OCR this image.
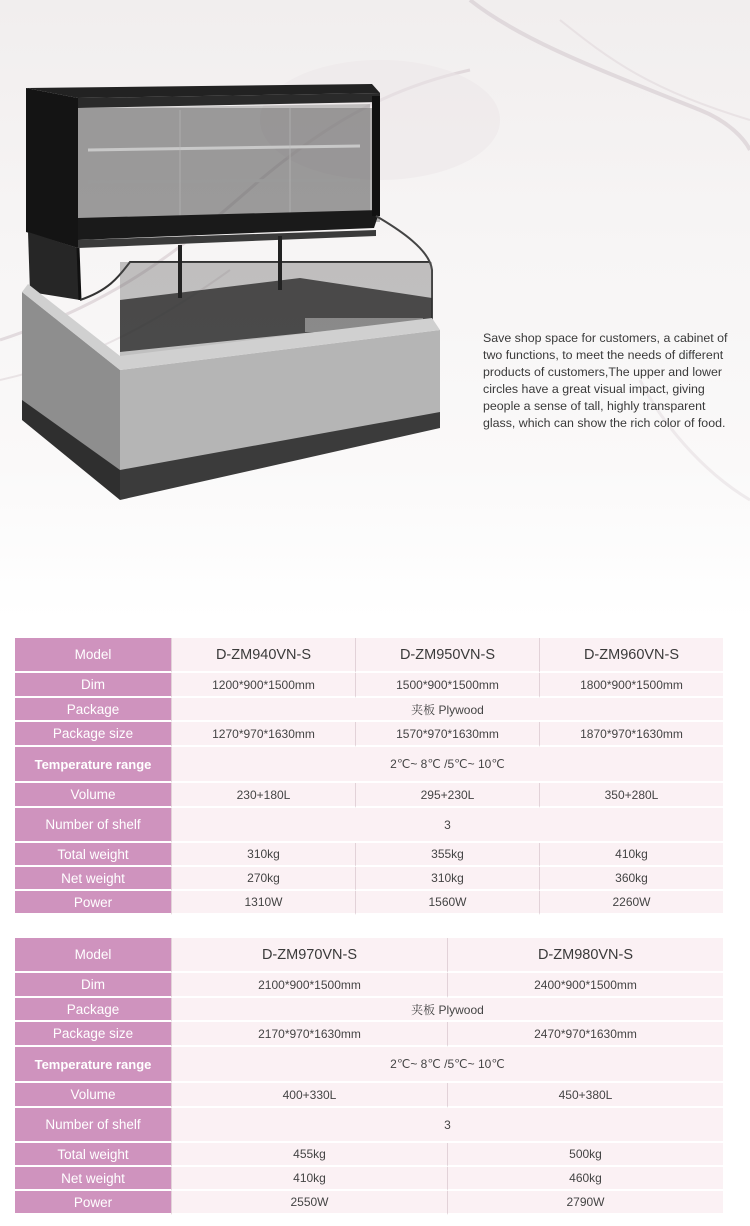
Save shop space for customers, a cabinet of two functions, to meet the needs of different products of customers,The upper and lower circles have a great visual impact, giving people a sense of tall, highly transparent glass, which can show the rich color of food.

Model	D-ZM940VN-S	D-ZM950VN-S	D-ZM960VN-S
Dim	1200*900*1500mm	1500*900*1500mm	1800*900*1500mm
Package	夹板 Plywood		
Package size	1270*970*1630mm	1570*970*1630mm	1870*970*1630mm
Temperature range	2℃~ 8℃ /5℃~ 10℃		
Volume	230+180L	295+230L	350+280L
Number of shelf	3		
Total weight	310kg	355kg	410kg
Net weight	270kg	310kg	360kg
Power	1310W	1560W	2260W
Model	D-ZM970VN-S	D-ZM980VN-S
Dim	2100*900*1500mm	2400*900*1500mm
Package	夹板 Plywood	
Package size	2170*970*1630mm	2470*970*1630mm
Temperature range	2℃~ 8℃ /5℃~ 10℃	
Volume	400+330L	450+380L
Number of shelf	3	
Total weight	455kg	500kg
Net weight	410kg	460kg
Power	2550W	2790W
